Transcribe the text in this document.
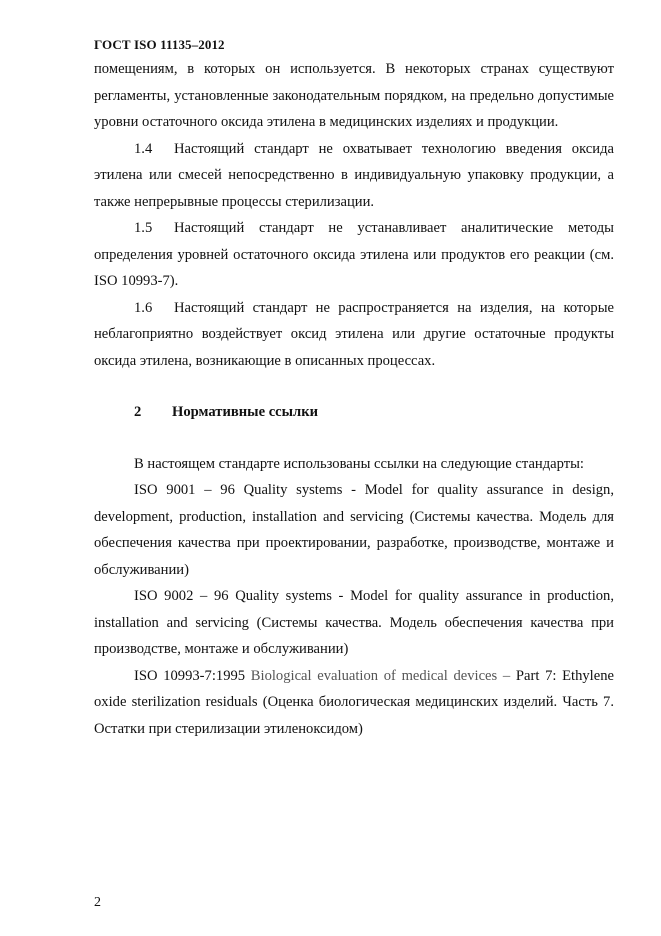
ГОСТ ISO 11135–2012

помещениям, в которых он используется. В некоторых странах существуют регламенты, установленные законодательным порядком, на предельно допустимые уровни остаточного оксида этилена в медицинских изделиях и продукции.

1.4 Настоящий стандарт не охватывает технологию введения оксида этилена или смесей непосредственно в индивидуальную упаковку продукции, а также непрерывные процессы стерилизации.

1.5 Настоящий стандарт не устанавливает аналитические методы определения уровней остаточного оксида этилена или продуктов его реакции (см. ISO 10993-7).

1.6 Настоящий стандарт не распространяется на изделия, на которые неблагоприятно воздействует оксид этилена или другие остаточные продукты оксида этилена, возникающие в описанных процессах.

2 Нормативные ссылки

В настоящем стандарте использованы ссылки на следующие стандарты:

ISO 9001 – 96 Quality systems - Model for quality assurance in design, development, production, installation and servicing (Системы качества. Модель для обеспечения качества при проектировании, разработке, производстве, монтаже и обслуживании)

ISO 9002 – 96 Quality systems - Model for quality assurance in production, installation and servicing (Системы качества. Модель обеспечения качества при производстве, монтаже и обслуживании)

ISO 10993-7:1995 Biological evaluation of medical devices – Part 7: Ethylene oxide sterilization residuals (Оценка биологическая медицинских изделий. Часть 7. Остатки при стерилизации этиленоксидом)

2
